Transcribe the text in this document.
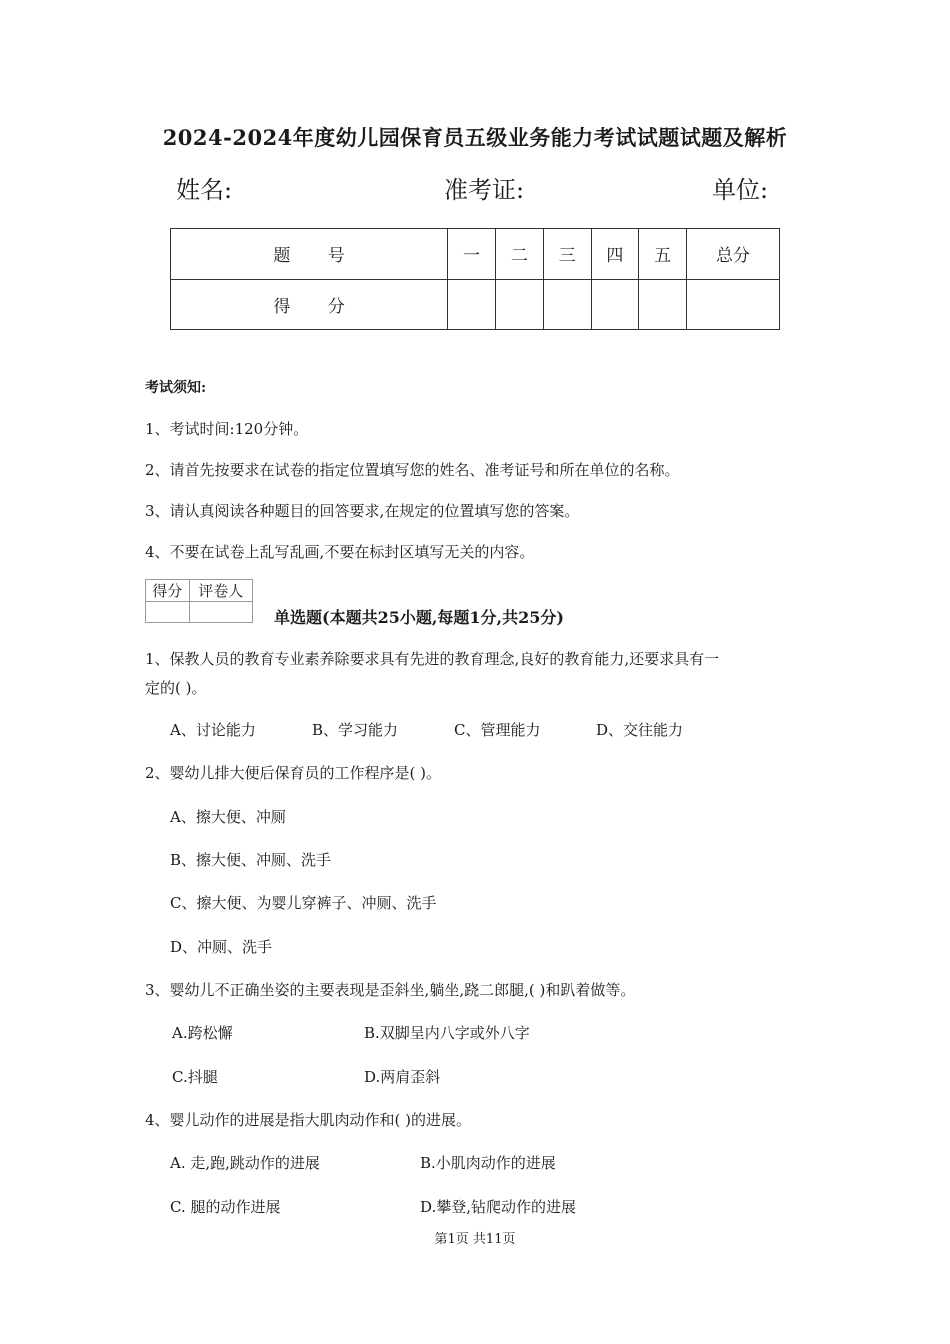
2024-2024年度幼儿园保育员五级业务能力考试试题试题及解析
姓名:	准考证:	单位:
题 号	一	二	三	四	五	总分
得 分						
考试须知:
1、考试时间:120分钟。
2、请首先按要求在试卷的指定位置填写您的姓名、准考证号和所在单位的名称。
3、请认真阅读各种题目的回答要求,在规定的位置填写您的答案。
4、不要在试卷上乱写乱画,不要在标封区填写无关的内容。
得分	评卷人

单选题(本题共25小题,每题1分,共25分)
1、保教人员的教育专业素养除要求具有先进的教育理念,良好的教育能力,还要求具有一
定的( )。
A、讨论能力	B、学习能力	C、管理能力	D、交往能力
2、婴幼儿排大便后保育员的工作程序是( )。
A、擦大便、冲厕
B、擦大便、冲厕、洗手
C、擦大便、为婴儿穿裤子、冲厕、洗手
D、冲厕、洗手
3、婴幼儿不正确坐姿的主要表现是歪斜坐,躺坐,跷二郎腿,( )和趴着做等。
A.跨松懈	B.双脚呈内八字或外八字
C.抖腿	D.两肩歪斜
4、婴儿动作的进展是指大肌肉动作和( )的进展。
A. 走,跑,跳动作的进展	B.小肌肉动作的进展
C. 腿的动作进展	D.攀登,钻爬动作的进展
第1页 共11页
